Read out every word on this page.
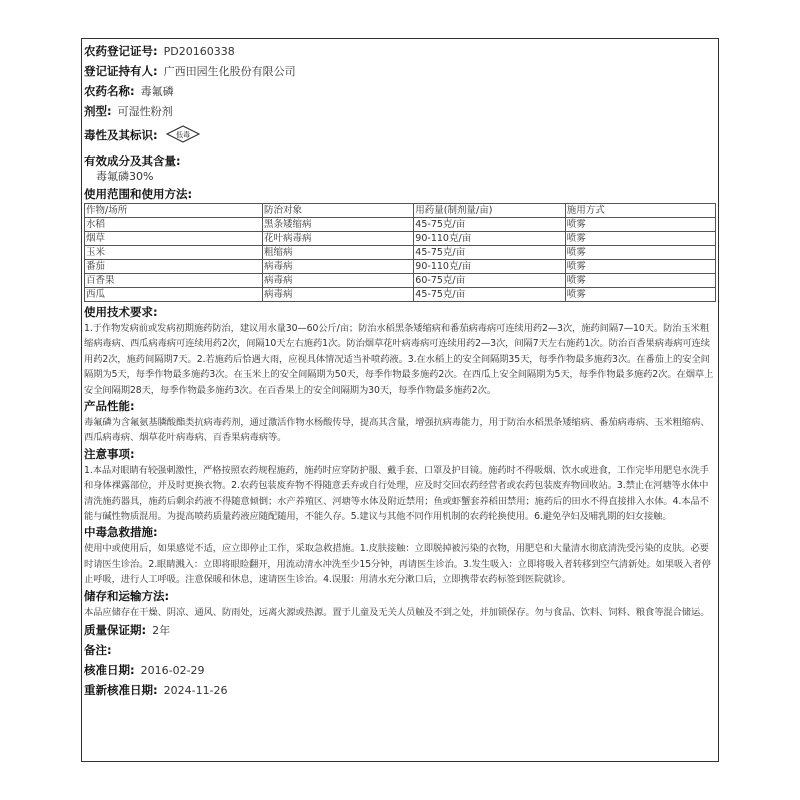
农药登记证号: PD20160338
登记证持有人: 广西田园生化股份有限公司
农药名称: 毒氟磷
剂型: 可湿性粉剂
毒性及其标识:	低毒
有效成分及其含量:
毒氟磷30%
使用范围和使用方法:
作物/场所	防治对象	用药量(制剂量/亩)	施用方式
水稻	黑条矮缩病	45-75克/亩	喷雾
烟草	花叶病毒病	90-110克/亩	喷雾
玉米	粗缩病	45-75克/亩	喷雾
番茄	病毒病	90-110克/亩	喷雾
百香果	病毒病	60-75克/亩	喷雾
西瓜	病毒病	45-75克/亩	喷雾
使用技术要求:

1.于作物发病前或发病初期施药防治，建议用水量30—60公斤/亩；防治水稻黑条矮缩病和番茄病毒病可连续用药2—3次，施药间隔7—10天。防治玉米粗缩病毒病、西瓜病毒病可连续用药2次，间隔10天左右施药1次。防治烟草花叶病毒病可连续用药2—3次，间隔7天左右施药1次。防治百香果病毒病可连续用药2次，施药间隔期7天。2.若施药后恰遇大雨，应视具体情况适当补喷药液。3.在水稻上的安全间隔期35天，每季作物最多施药3次。在番茄上的安全间隔期为5天，每季作物最多施药3次。在玉米上的安全间隔期为50天，每季作物最多施药2次。在西瓜上安全间隔期为5天，每季作物最多施药2次。在烟草上安全间隔期28天，每季作物最多施药3次。在百香果上的安全间隔期为30天，每季作物最多施药2次。

产品性能:

毒氟磷为含氟氨基膦酸酯类抗病毒药剂，通过激活作物水杨酸传导，提高其含量，增强抗病毒能力，用于防治水稻黑条矮缩病、番茄病毒病、玉米粗缩病、西瓜病毒病、烟草花叶病毒病、百香果病毒病等。

注意事项:

1.本品对眼睛有较强刺激性，严格按照农药规程施药，施药时应穿防护服、戴手套、口罩及护目镜。施药时不得吸烟、饮水或进食，工作完毕用肥皂水洗手和身体裸露部位，并及时更换衣物。2.农药包装废弃物不得随意丢弃或自行处理，应及时交回农药经营者或农药包装废弃物回收站。3.禁止在河塘等水体中清洗施药器具，施药后剩余药液不得随意倾倒；水产养殖区、河塘等水体及附近禁用；鱼或虾蟹套养稻田禁用；施药后的田水不得直接排入水体。4.本品不能与碱性物质混用。为提高喷药质量药液应随配随用，不能久存。5.建议与其他不同作用机制的农药轮换使用。6.避免孕妇及哺乳期的妇女接触。

中毒急救措施:

使用中或使用后，如果感觉不适，应立即停止工作，采取急救措施。1.皮肤接触：立即脱掉被污染的衣物，用肥皂和大量清水彻底清洗受污染的皮肤。必要时请医生诊治。2.眼睛溅入：立即将眼睑翻开，用流动清水冲洗至少15分钟，再请医生诊治。3.发生吸入：立即将吸入者转移到空气清新处。如果吸入者停止呼吸，进行人工呼吸。注意保暖和休息，速请医生诊治。4.误服：用清水充分漱口后，立即携带农药标签到医院就诊。

储存和运输方法:

本品应储存在干燥、阴凉、通风、防雨处，远离火源或热源。置于儿童及无关人员触及不到之处，并加锁保存。勿与食品、饮料、饲料、粮食等混合储运。

质量保证期: 2年
备注:
核准日期: 2016-02-29
重新核准日期: 2024-11-26
